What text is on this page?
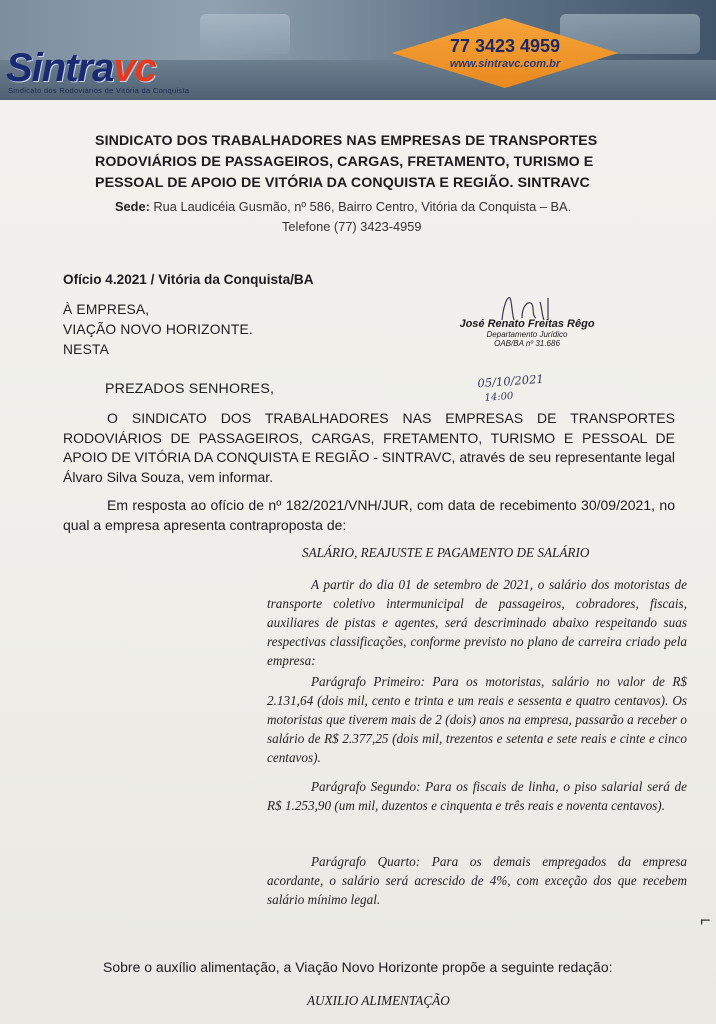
77 3423 4959
www.sintravc.com.br
Sintravc
Sindicato dos Rodoviários de Vitória da Conquista
SINDICATO DOS TRABALHADORES NAS EMPRESAS DE TRANSPORTES
RODOVIÁRIOS DE PASSAGEIROS, CARGAS, FRETAMENTO, TURISMO E
PESSOAL DE APOIO DE VITÓRIA DA CONQUISTA E REGIÃO. SINTRAVC
Sede: Rua Laudicéia Gusmão, nº 586, Bairro Centro, Vitória da Conquista – BA.
Telefone (77) 3423-4959
Ofício 4.2021 / Vitória da Conquista/BA
À EMPRESA,
VIAÇÃO NOVO HORIZONTE.
NESTA
José Renato Freitas Rêgo
Departamento Jurídico
OAB/BA nº 31.686
05/10/2021
14:00
PREZADOS SENHORES,
O SINDICATO DOS TRABALHADORES NAS EMPRESAS DE TRANSPORTES RODOVIÁRIOS DE PASSAGEIROS, CARGAS, FRETAMENTO, TURISMO E PESSOAL DE APOIO DE VITÓRIA DA CONQUISTA E REGIÃO - SINTRAVC, através de seu representante legal Álvaro Silva Souza, vem informar.
Em resposta ao ofício de nº 182/2021/VNH/JUR, com data de recebimento 30/09/2021, no qual a empresa apresenta contraproposta de:
SALÁRIO, REAJUSTE E PAGAMENTO DE SALÁRIO
A partir do dia 01 de setembro de 2021, o salário dos motoristas de transporte coletivo intermunicipal de passageiros, cobradores, fiscais, auxiliares de pistas e agentes, será descriminado abaixo respeitando suas respectivas classificações, conforme previsto no plano de carreira criado pela empresa:
Parágrafo Primeiro: Para os motoristas, salário no valor de R$ 2.131,64 (dois mil, cento e trinta e um reais e sessenta e quatro centavos). Os motoristas que tiverem mais de 2 (dois) anos na empresa, passarão a receber o salário de R$ 2.377,25 (dois mil, trezentos e setenta e sete reais e cinte e cinco centavos).
Parágrafo Segundo: Para os fiscais de linha, o piso salarial será de R$ 1.253,90 (um mil, duzentos e cinquenta e três reais e noventa centavos).
Parágrafo Quarto: Para os demais empregados da empresa acordante, o salário será acrescido de 4%, com exceção dos que recebem salário mínimo legal.
Sobre o auxílio alimentação, a Viação Novo Horizonte propõe a seguinte redação:
AUXILIO ALIMENTAÇÃO
⌐
